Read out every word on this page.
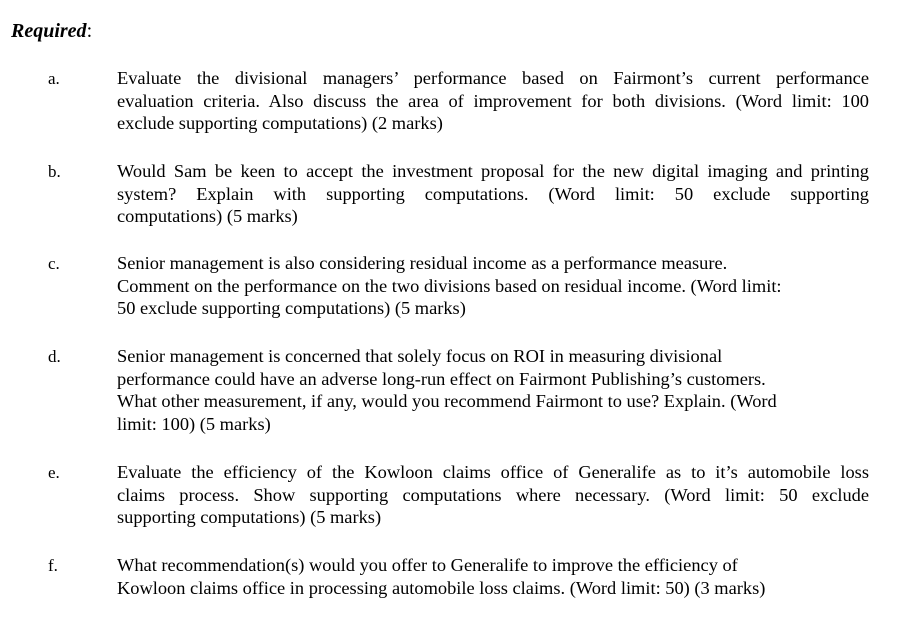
Required:
a.	Evaluate the divisional managers’ performance based on Fairmont’s current performance
evaluation criteria. Also discuss the area of improvement for both divisions. (Word limit: 100
exclude supporting computations) (2 marks)
b.	Would Sam be keen to accept the investment proposal for the new digital imaging and printing
system? Explain with supporting computations. (Word limit: 50 exclude supporting
computations) (5 marks)
c.	Senior management is also considering residual income as a performance measure.
Comment on the performance on the two divisions based on residual income. (Word limit:
50 exclude supporting computations) (5 marks)
d.	Senior management is concerned that solely focus on ROI in measuring divisional
performance could have an adverse long-run effect on Fairmont Publishing’s customers.
What other measurement, if any, would you recommend Fairmont to use? Explain. (Word
limit: 100) (5 marks)
e.	Evaluate the efficiency of the Kowloon claims office of Generalife as to it’s automobile loss
claims process. Show supporting computations where necessary. (Word limit: 50 exclude
supporting computations) (5 marks)
f.	What recommendation(s) would you offer to Generalife to improve the efficiency of
Kowloon claims office in processing automobile loss claims. (Word limit: 50) (3 marks)
